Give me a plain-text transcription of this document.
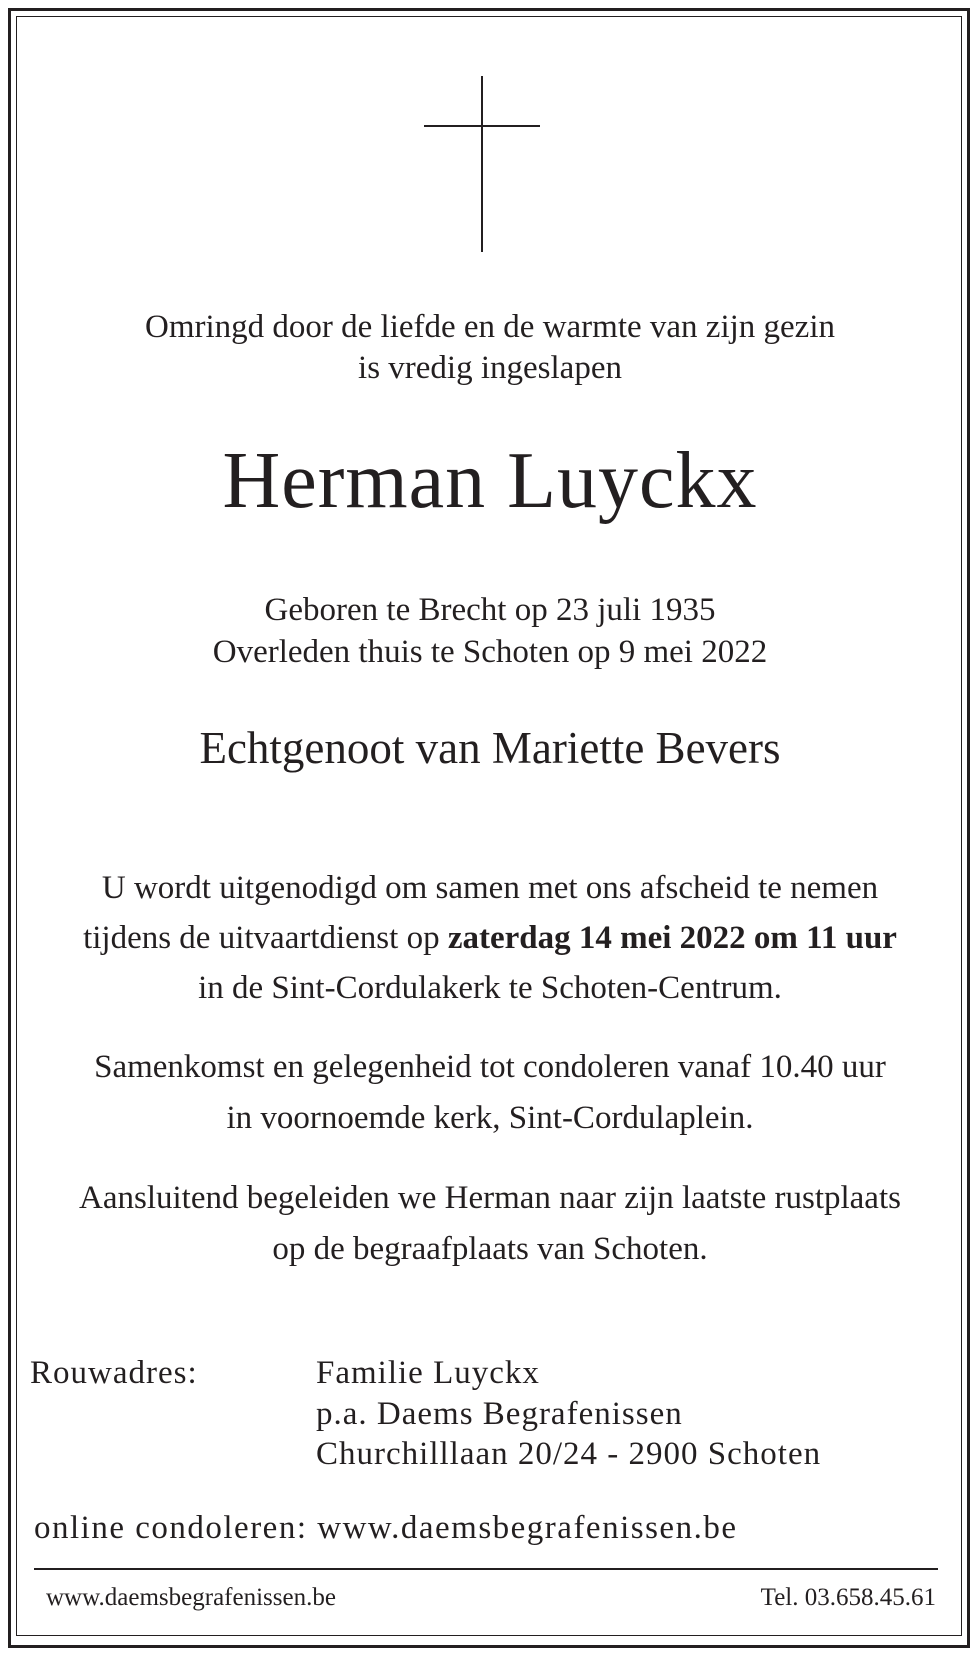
Omringd door de liefde en de warmte van zijn gezin
is vredig ingeslapen
Herman Luyckx
Geboren te Brecht op 23 juli 1935
Overleden thuis te Schoten op 9 mei 2022
Echtgenoot van Mariette Bevers
U wordt uitgenodigd om samen met ons afscheid te nemen
tijdens de uitvaartdienst op zaterdag 14 mei 2022 om 11 uur
in de Sint-Cordulakerk te Schoten-Centrum.
Samenkomst en gelegenheid tot condoleren vanaf 10.40 uur
in voornoemde kerk, Sint-Cordulaplein.
Aansluitend begeleiden we Herman naar zijn laatste rustplaats
op de begraafplaats van Schoten.
Rouwadres:	Familie Luyckx
p.a. Daems Begrafenissen
Churchilllaan 20/24 - 2900 Schoten
online condoleren: www.daemsbegrafenissen.be
www.daemsbegrafenissen.be	Tel. 03.658.45.61
